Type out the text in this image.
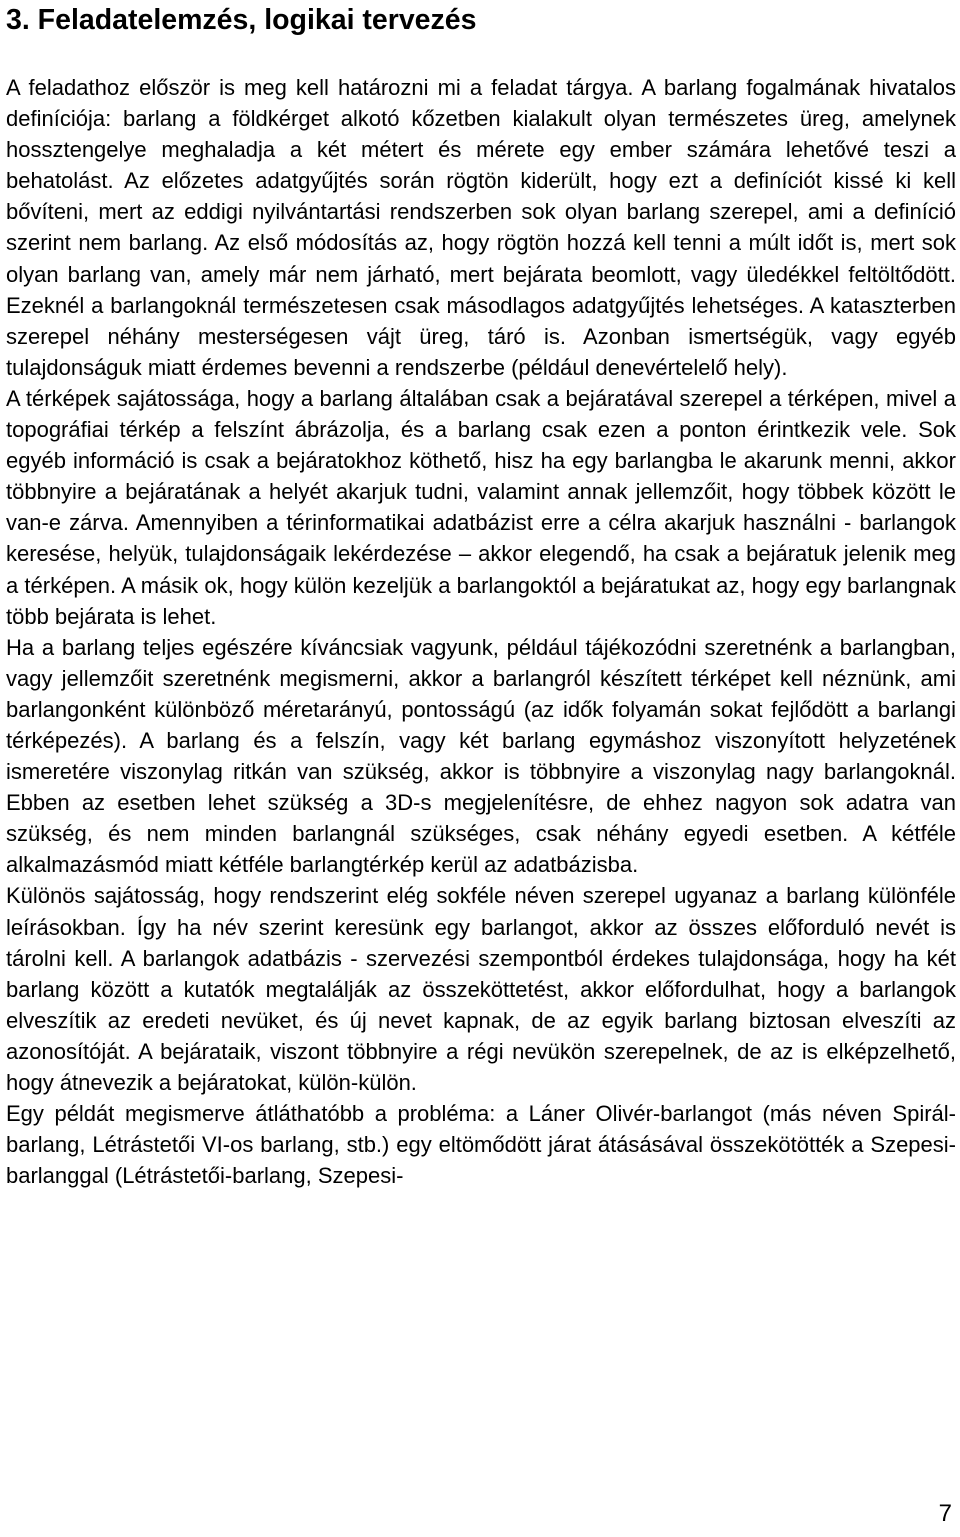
3. Feladatelemzés, logikai tervezés

A feladathoz először is meg kell határozni mi a feladat tárgya. A barlang fogalmának hivatalos definíciója: barlang a földkérget alkotó kőzetben kialakult olyan természetes üreg, amelynek hossztengelye meghaladja a két métert és mérete egy ember számára lehetővé teszi a behatolást. Az előzetes adatgyűjtés során rögtön kiderült, hogy ezt a definíciót kissé ki kell bővíteni, mert az eddigi nyilvántartási rendszerben sok olyan barlang szerepel, ami a definíció szerint nem barlang. Az első módosítás az, hogy rögtön hozzá kell tenni a múlt időt is, mert sok olyan barlang van, amely már nem járható, mert bejárata beomlott, vagy üledékkel feltöltődött. Ezeknél a barlangoknál természetesen csak másodlagos adatgyűjtés lehetséges. A kataszterben szerepel néhány mesterségesen vájt üreg, táró is. Azonban ismertségük, vagy egyéb tulajdonságuk miatt érdemes bevenni a rendszerbe (például denevértelelő hely).

A térképek sajátossága, hogy a barlang általában csak a bejáratával szerepel a térképen, mivel a topográfiai térkép a felszínt ábrázolja, és a barlang csak ezen a ponton érintkezik vele. Sok egyéb információ is csak a bejáratokhoz köthető, hisz ha egy barlangba le akarunk menni, akkor többnyire a bejáratának a helyét akarjuk tudni, valamint annak jellemzőit, hogy többek között le van-e zárva. Amennyiben a térinformatikai adatbázist erre a célra akarjuk használni - barlangok keresése, helyük, tulajdonságaik lekérdezése – akkor elegendő, ha csak a bejáratuk jelenik meg a térképen. A másik ok, hogy külön kezeljük a barlangoktól a bejáratukat az, hogy egy barlangnak több bejárata is lehet.

Ha a barlang teljes egészére kíváncsiak vagyunk, például tájékozódni szeretnénk a barlangban, vagy jellemzőit szeretnénk megismerni, akkor a barlangról készített térképet kell néznünk, ami barlangonként különböző méretarányú, pontosságú (az idők folyamán sokat fejlődött a barlangi térképezés). A barlang és a felszín, vagy két barlang egymáshoz viszonyított helyzetének ismeretére viszonylag ritkán van szükség, akkor is többnyire a viszonylag nagy barlangoknál. Ebben az esetben lehet szükség a 3D-s megjelenítésre, de ehhez nagyon sok adatra van szükség, és nem minden barlangnál szükséges, csak néhány egyedi esetben. A kétféle alkalmazásmód miatt kétféle barlangtérkép kerül az adatbázisba.

Különös sajátosság, hogy rendszerint elég sokféle néven szerepel ugyanaz a barlang különféle leírásokban. Így ha név szerint keresünk egy barlangot, akkor az összes előforduló nevét is tárolni kell. A barlangok adatbázis - szervezési szempontból érdekes tulajdonsága, hogy ha két barlang között a kutatók megtalálják az összeköttetést, akkor előfordulhat, hogy a barlangok elveszítik az eredeti nevüket, és új nevet kapnak, de az egyik barlang biztosan elveszíti az azonosítóját. A bejárataik, viszont többnyire a régi nevükön szerepelnek, de az is elképzelhető, hogy átnevezik a bejáratokat, külön-külön.

Egy példát megismerve átláthatóbb a probléma: a Láner Olivér-barlangot (más néven Spirál-barlang, Létrástetői VI-os barlang, stb.) egy eltömődött járat átásásával összekötötték a Szepesi-barlanggal (Létrástetői-barlang, Szepesi-

7
